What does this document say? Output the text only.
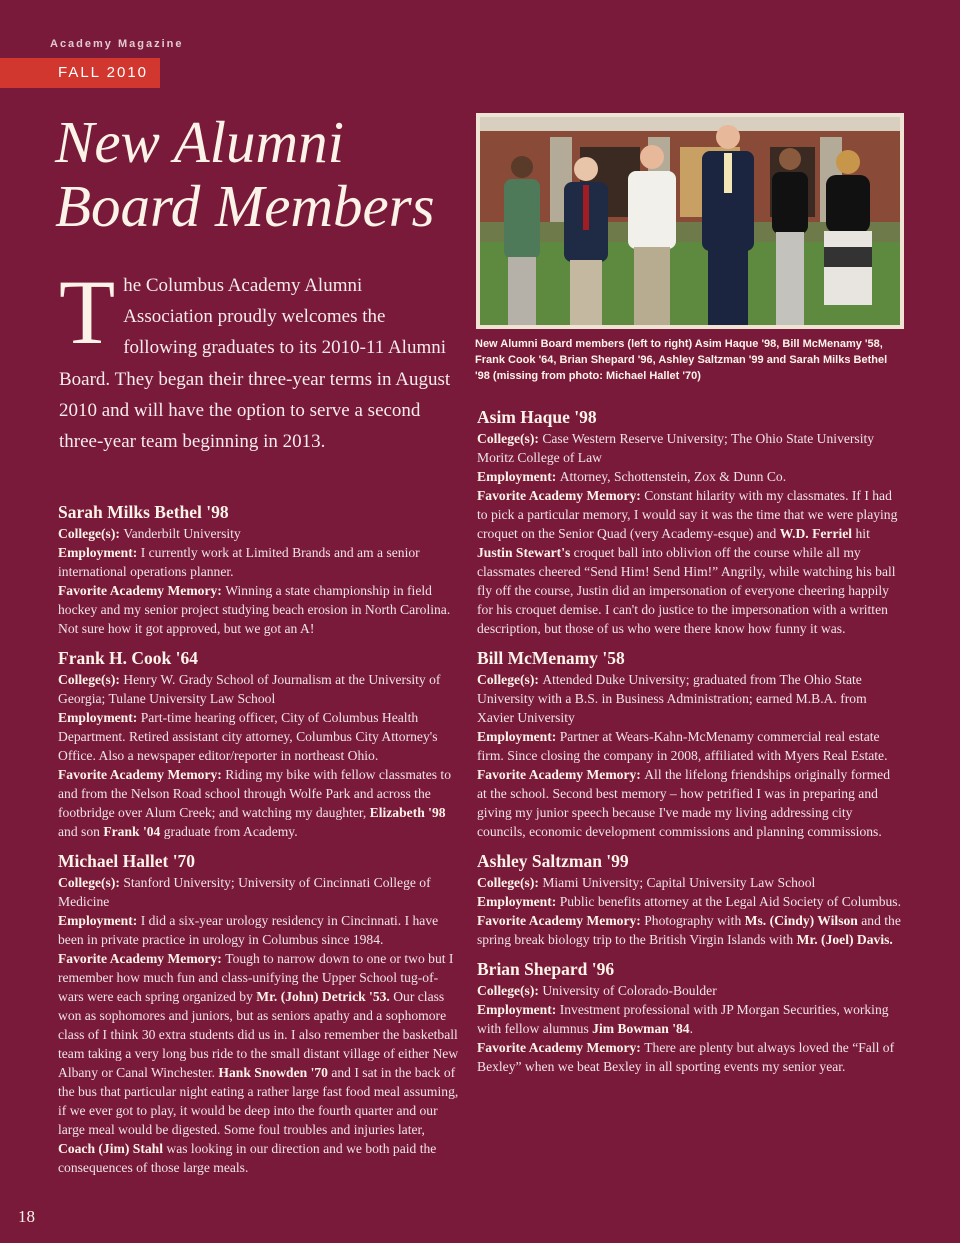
Academy Magazine
FALL 2010
New Alumni
Board Members
The Columbus Academy Alumni Association proudly welcomes the following graduates to its 2010-11 Alumni Board. They began their three-year terms in August 2010 and will have the option to serve a second three-year team beginning in 2013.
New Alumni Board members (left to right) Asim Haque '98, Bill McMenamy '58, Frank Cook '64, Brian Shepard '96, Ashley Saltzman '99 and Sarah Milks Bethel '98 (missing from photo: Michael Hallet '70)
Sarah Milks Bethel '98

College(s): Vanderbilt University

Employment: I currently work at Limited Brands and am a senior international operations planner.

Favorite Academy Memory: Winning a state championship in field hockey and my senior project studying beach erosion in North Carolina. Not sure how it got approved, but we got an A!

Frank H. Cook '64

College(s): Henry W. Grady School of Journalism at the University of Georgia; Tulane University Law School

Employment: Part-time hearing officer, City of Columbus Health Department. Retired assistant city attorney, Columbus City Attorney's Office. Also a newspaper editor/reporter in northeast Ohio.

Favorite Academy Memory: Riding my bike with fellow classmates to and from the Nelson Road school through Wolfe Park and across the footbridge over Alum Creek; and watching my daughter, Elizabeth '98 and son Frank '04 graduate from Academy.

Michael Hallet '70

College(s): Stanford University; University of Cincinnati College of Medicine

Employment: I did a six-year urology residency in Cincinnati. I have been in private practice in urology in Columbus since 1984.

Favorite Academy Memory: Tough to narrow down to one or two but I remember how much fun and class-unifying the Upper School tug-of-wars were each spring organized by Mr. (John) Detrick '53. Our class won as sophomores and juniors, but as seniors apathy and a sophomore class of I think 30 extra students did us in. I also remember the basketball team taking a very long bus ride to the small distant village of either New Albany or Canal Winchester. Hank Snowden '70 and I sat in the back of the bus that particular night eating a rather large fast food meal assuming, if we ever got to play, it would be deep into the fourth quarter and our large meal would be digested. Some foul troubles and injuries later, Coach (Jim) Stahl was looking in our direction and we both paid the consequences of those large meals.

Asim Haque '98

College(s): Case Western Reserve University; The Ohio State University Moritz College of Law

Employment: Attorney, Schottenstein, Zox & Dunn Co.

Favorite Academy Memory: Constant hilarity with my classmates. If I had to pick a particular memory, I would say it was the time that we were playing croquet on the Senior Quad (very Academy-esque) and W.D. Ferriel hit Justin Stewart's croquet ball into oblivion off the course while all my classmates cheered “Send Him! Send Him!” Angrily, while watching his ball fly off the course, Justin did an impersonation of everyone cheering happily for his croquet demise. I can't do justice to the impersonation with a written description, but those of us who were there know how funny it was.

Bill McMenamy '58

College(s): Attended Duke University; graduated from The Ohio State University with a B.S. in Business Administration; earned M.B.A. from Xavier University

Employment: Partner at Wears-Kahn-McMenamy commercial real estate firm. Since closing the company in 2008, affiliated with Myers Real Estate.

Favorite Academy Memory: All the lifelong friendships originally formed at the school. Second best memory – how petrified I was in preparing and giving my junior speech because I've made my living addressing city councils, economic development commissions and planning commissions.

Ashley Saltzman '99

College(s): Miami University; Capital University Law School

Employment: Public benefits attorney at the Legal Aid Society of Columbus.

Favorite Academy Memory: Photography with Ms. (Cindy) Wilson and the spring break biology trip to the British Virgin Islands with Mr. (Joel) Davis.

Brian Shepard '96

College(s): University of Colorado-Boulder

Employment: Investment professional with JP Morgan Securities, working with fellow alumnus Jim Bowman '84.

Favorite Academy Memory: There are plenty but always loved the “Fall of Bexley” when we beat Bexley in all sporting events my senior year.

18
